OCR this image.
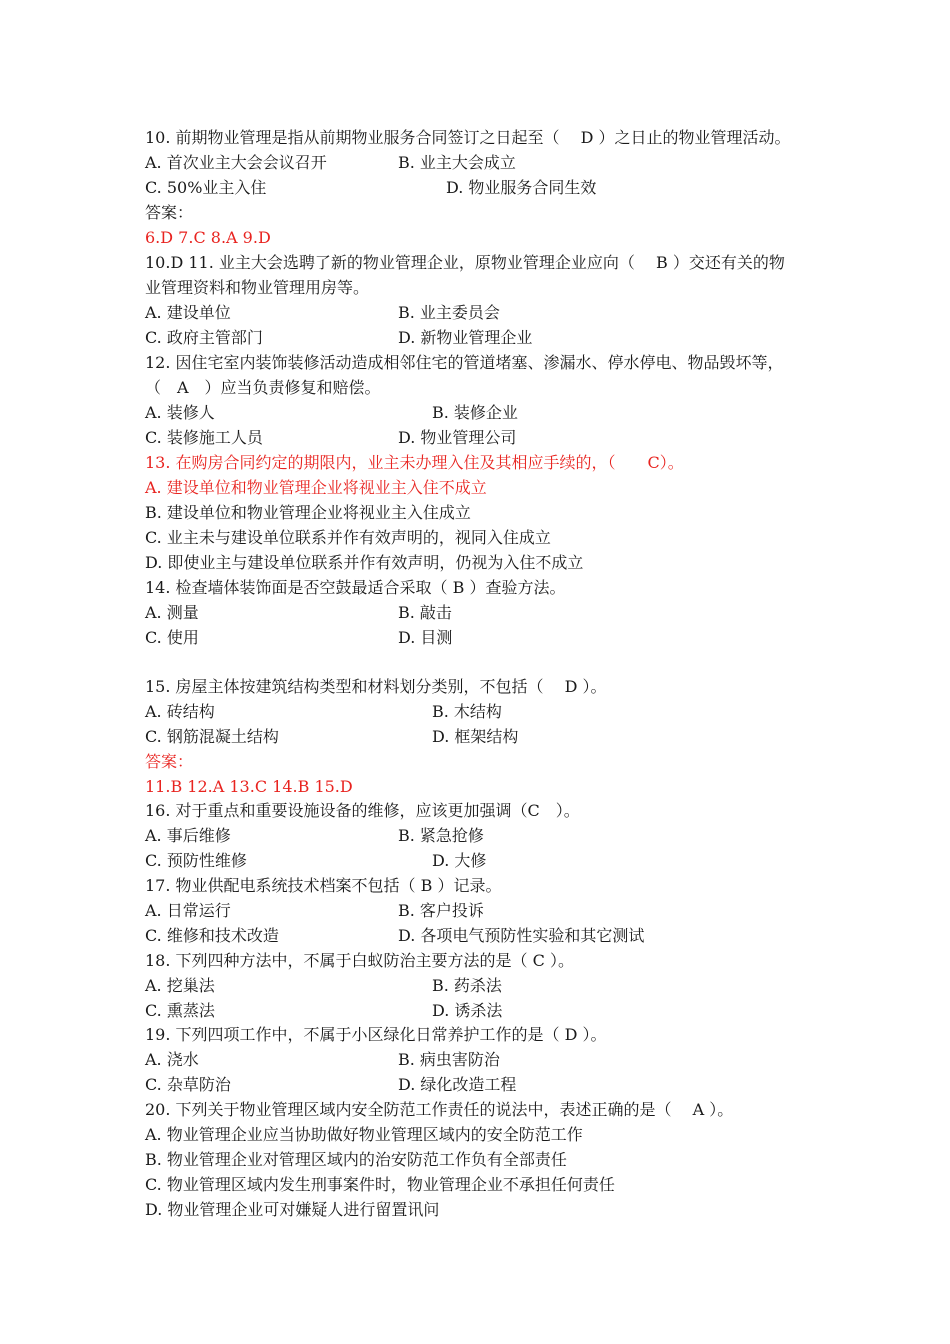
10. 前期物业管理是指从前期物业服务合同签订之日起至（　 D ）之日止的物业管理活动。
A. 首次业主大会会议召开	B. 业主大会成立
C. 50%业主入住	D. 物业服务合同生效
答案：
6.D 7.C 8.A 9.D
10.D 11. 业主大会选聘了新的物业管理企业，原物业管理企业应向（　 B ）交还有关的物
业管理资料和物业管理用房等。
A. 建设单位	B. 业主委员会
C. 政府主管部门	D. 新物业管理企业
12. 因住宅室内装饰装修活动造成相邻住宅的管道堵塞、渗漏水、停水停电、物品毁坏等，
（　A　）应当负责修复和赔偿。
A. 装修人	B. 装修企业
C. 装修施工人员	D. 物业管理公司
13. 在购房合同约定的期限内，业主未办理入住及其相应手续的，（　　C）。
A. 建设单位和物业管理企业将视业主入住不成立
B. 建设单位和物业管理企业将视业主入住成立
C. 业主未与建设单位联系并作有效声明的，视同入住成立
D. 即使业主与建设单位联系并作有效声明，仍视为入住不成立
14. 检查墙体装饰面是否空鼓最适合采取（ B ）查验方法。
A. 测量	B. 敲击
C. 使用	D. 目测
15. 房屋主体按建筑结构类型和材料划分类别，不包括（　 D ）。
A. 砖结构	B. 木结构
C. 钢筋混凝土结构	D. 框架结构
答案：
11.B 12.A 13.C 14.B 15.D
16. 对于重点和重要设施设备的维修，应该更加强调（C　）。
A. 事后维修	B. 紧急抢修
C. 预防性维修	D. 大修
17. 物业供配电系统技术档案不包括（ B ）记录。
A. 日常运行	B. 客户投诉
C. 维修和技术改造	D. 各项电气预防性实验和其它测试
18. 下列四种方法中，不属于白蚁防治主要方法的是（ C ）。
A. 挖巢法	B. 药杀法
C. 熏蒸法	D. 诱杀法
19. 下列四项工作中，不属于小区绿化日常养护工作的是（ D ）。
A. 浇水	B. 病虫害防治
C. 杂草防治	D. 绿化改造工程
20. 下列关于物业管理区域内安全防范工作责任的说法中，表述正确的是（　 A ）。
A. 物业管理企业应当协助做好物业管理区域内的安全防范工作
B. 物业管理企业对管理区域内的治安防范工作负有全部责任
C. 物业管理区域内发生刑事案件时，物业管理企业不承担任何责任
D. 物业管理企业可对嫌疑人进行留置讯问
